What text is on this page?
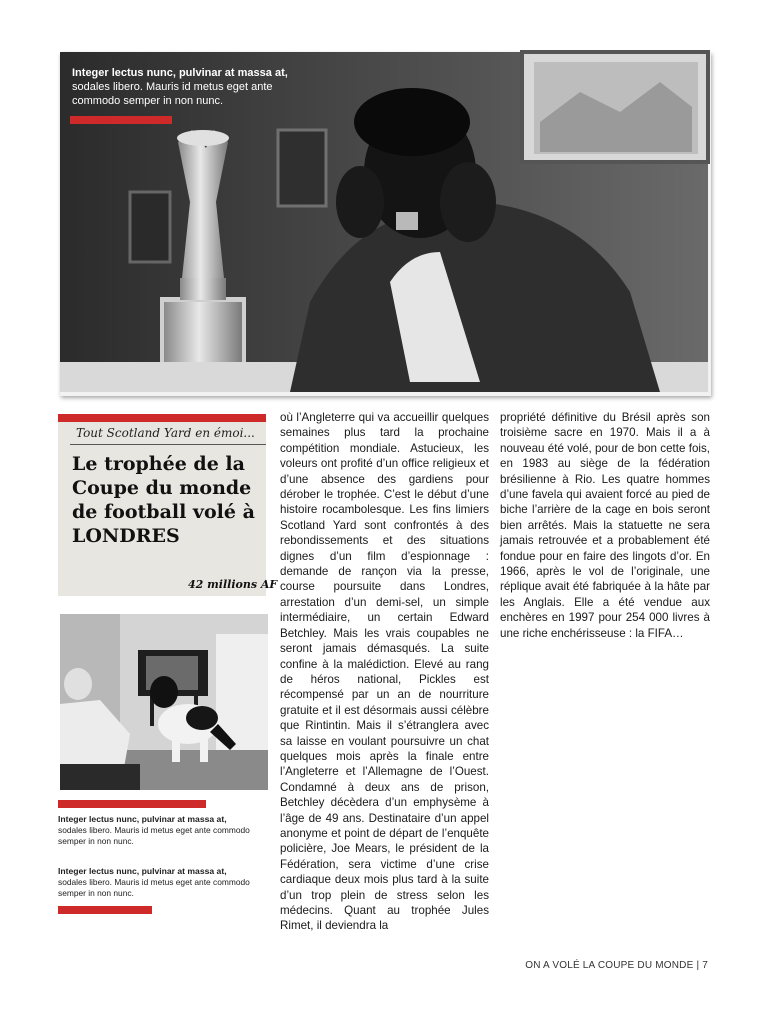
Integer lectus nunc, pulvinar at massa at, sodales libero. Mauris id metus eget ante commodo semper in non nunc.
Tout Scotland Yard en émoi...
Le trophée de la Coupe du monde de football volé à LONDRES
42 millions AF
Integer lectus nunc, pulvinar at massa at,
sodales libero. Mauris id metus eget ante commodo semper in non nunc.
Integer lectus nunc, pulvinar at massa at,
sodales libero. Mauris id metus eget ante commodo semper in non nunc.
où l’Angleterre qui va accueillir quelques semaines plus tard la prochaine compétition mondiale. Astucieux, les voleurs ont profité d’un office religieux et d’une absence des gardiens pour dérober le trophée. C’est le début d’une histoire rocambolesque. Les fins limiers Scotland Yard sont confrontés à des rebondissements et des situations dignes d’un film d’espionnage : demande de rançon via la presse, course poursuite dans Londres, arrestation d’un demi-sel, un simple intermédiaire, un certain Edward Betchley. Mais les vrais coupables ne seront jamais démasqués. La suite confine à la malédiction. Elevé au rang de héros national, Pickles est récompensé par un an de nourriture gratuite et il est désormais aussi célèbre que Rintintin. Mais il s’étranglera avec sa laisse en voulant poursuivre un chat quelques mois après la finale entre l’Angleterre et l’Allemagne de l’Ouest. Condamné à deux ans de prison, Betchley décèdera d’un emphysème à l’âge de 49 ans. Destinataire d’un appel anonyme et point de départ de l’enquête policière, Joe Mears, le président de la Fédération, sera victime d’une crise cardiaque deux mois plus tard à la suite d’un trop plein de stress selon les médecins. Quant au trophée Jules Rimet, il deviendra la
propriété définitive du Brésil après son troisième sacre en 1970. Mais il a à nouveau été volé, pour de bon cette fois, en 1983 au siège de la fédération brésilienne à Rio. Les quatre hommes d’une favela qui avaient forcé au pied de biche l’arrière de la cage en bois seront bien arrêtés. Mais la statuette ne sera jamais retrouvée et a probablement été fondue pour en faire des lingots d’or. En 1966, après le vol de l’originale, une réplique avait été fabriquée à la hâte par les Anglais. Elle a été vendue aux enchères en 1997 pour 254 000 livres à une riche enchérisseuse : la FIFA…
ON A VOLÉ LA COUPE DU MONDE | 7
